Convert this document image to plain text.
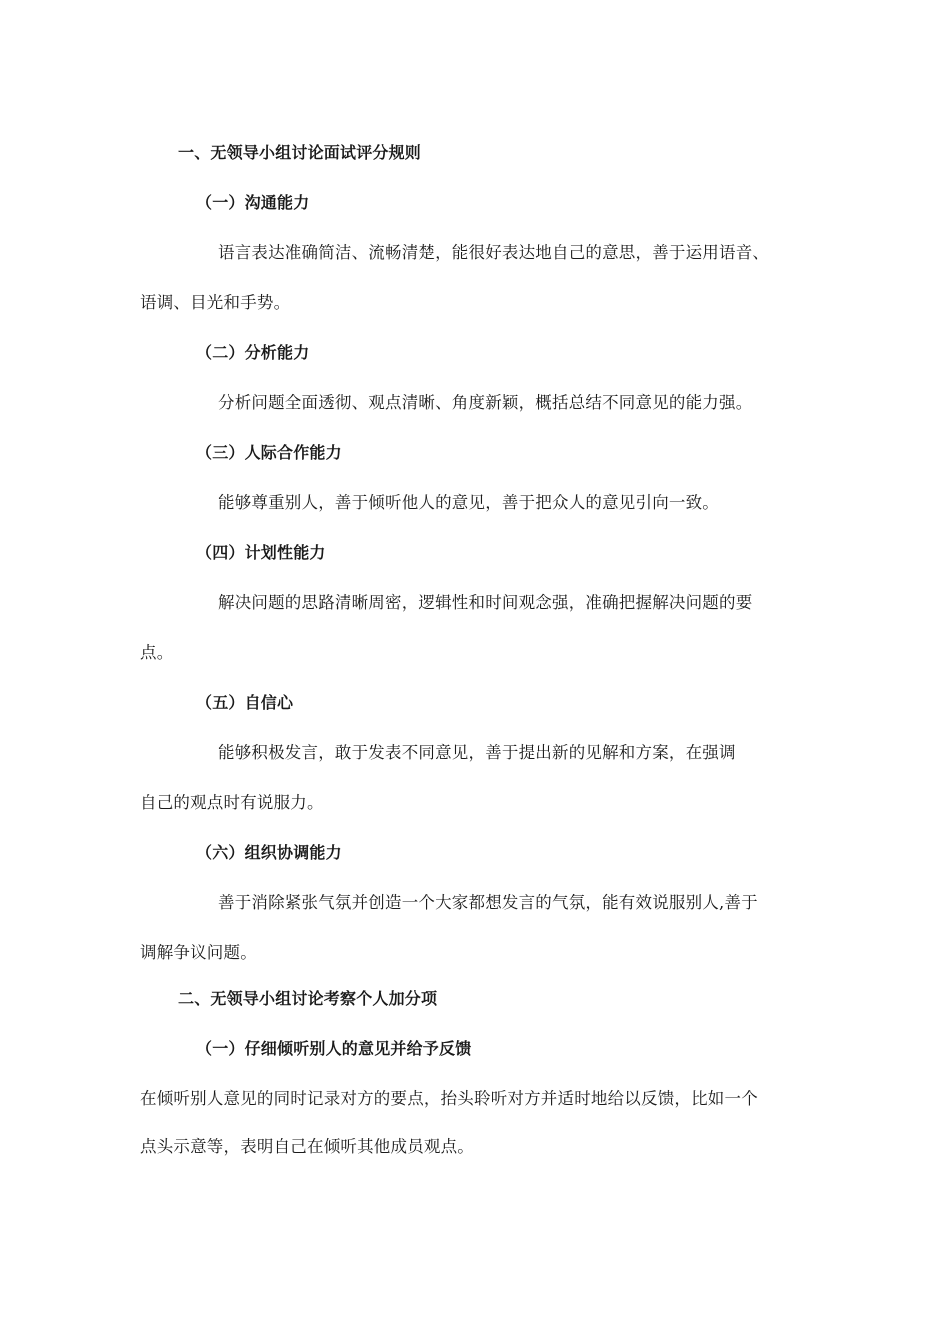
一、无领导小组讨论面试评分规则
（一）沟通能力
语言表达准确简洁、流畅清楚，能很好表达地自己的意思，善于运用语音、
语调、目光和手势。
（二）分析能力
分析问题全面透彻、观点清晰、角度新颖，概括总结不同意见的能力强。
（三）人际合作能力
能够尊重别人，善于倾听他人的意见，善于把众人的意见引向一致。
（四）计划性能力
解决问题的思路清晰周密，逻辑性和时间观念强，准确把握解决问题的要
点。
（五）自信心
能够积极发言，敢于发表不同意见，善于提出新的见解和方案，在强调
自己的观点时有说服力。
（六）组织协调能力
善于消除紧张气氛并创造一个大家都想发言的气氛，能有效说服别人,善于
调解争议问题。
二、无领导小组讨论考察个人加分项
（一）仔细倾听别人的意见并给予反馈
在倾听别人意见的同时记录对方的要点，抬头聆听对方并适时地给以反馈，比如一个
点头示意等，表明自己在倾听其他成员观点。
